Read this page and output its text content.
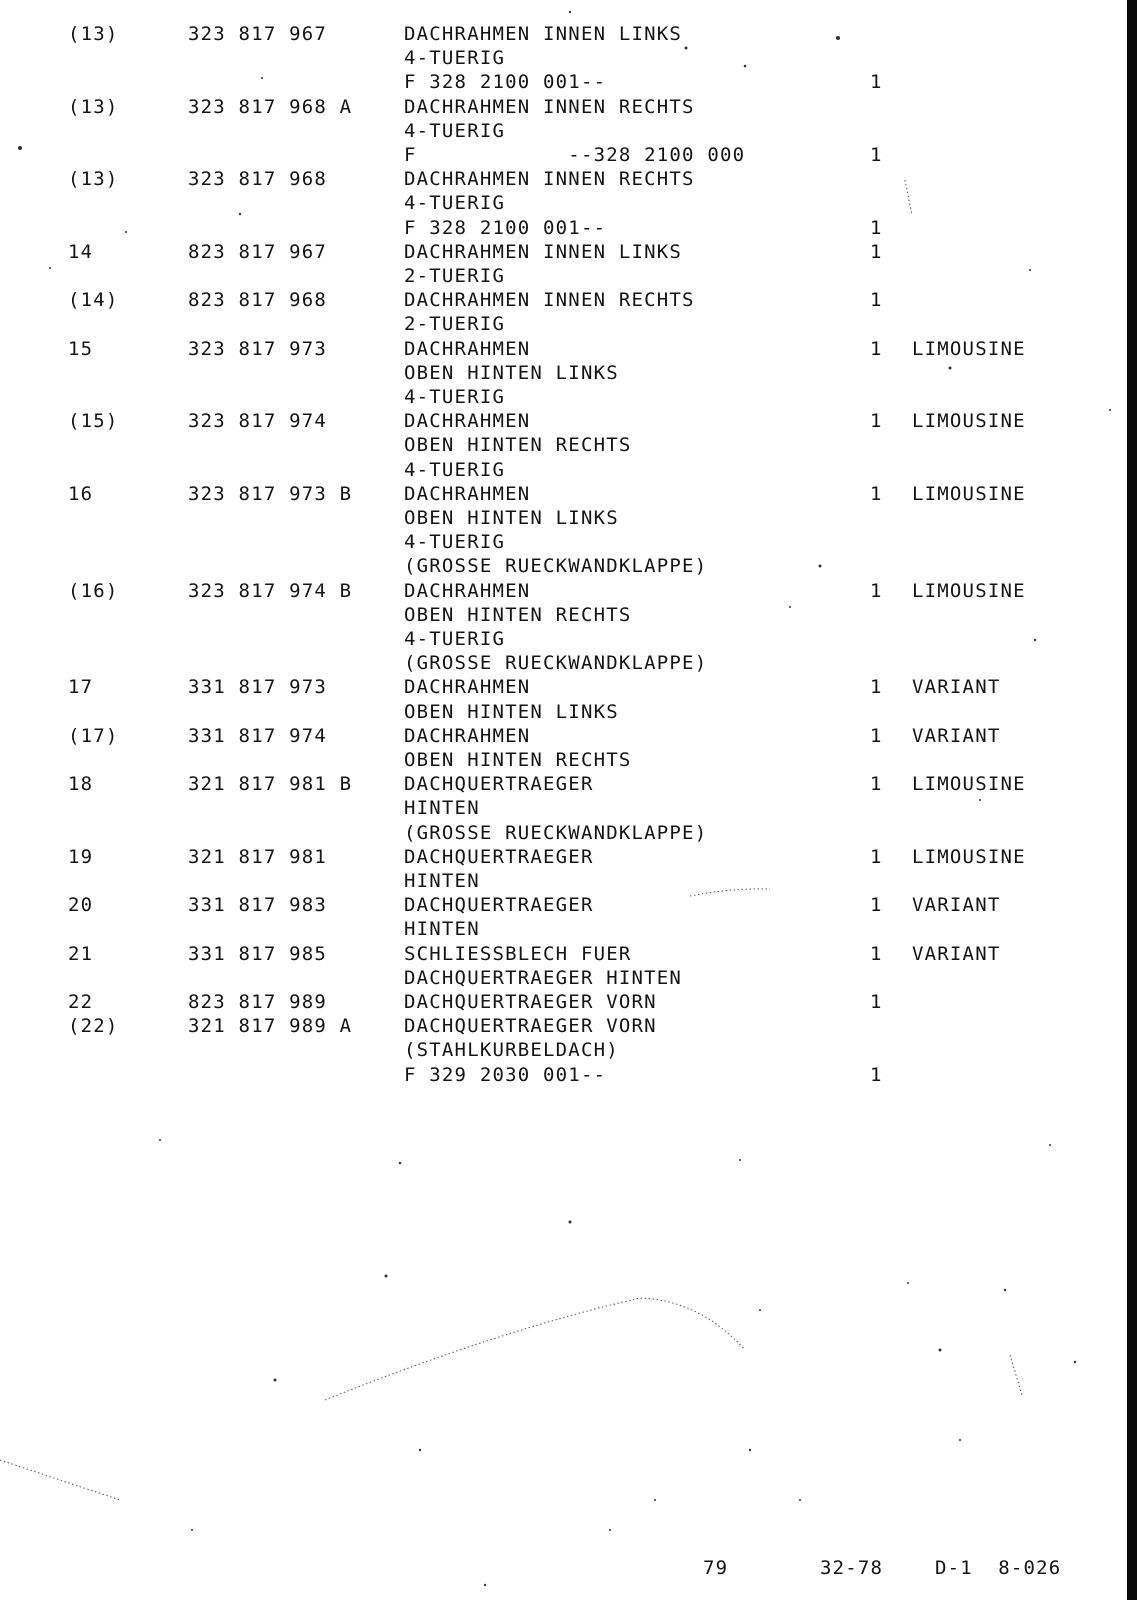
(13)	323 817 967	DACHRAHMEN INNEN LINKS
4-TUERIG
F 328 2100 001--	1
(13)	323 817 968 A	DACHRAHMEN INNEN RECHTS
4-TUERIG
F            --328 2100 000	1
(13)	323 817 968	DACHRAHMEN INNEN RECHTS
4-TUERIG
F 328 2100 001--	1
14	823 817 967	DACHRAHMEN INNEN LINKS	1
2-TUERIG
(14)	823 817 968	DACHRAHMEN INNEN RECHTS	1
2-TUERIG
15	323 817 973	DACHRAHMEN	1 LIMOUSINE
OBEN HINTEN LINKS
4-TUERIG
(15)	323 817 974	DACHRAHMEN	1 LIMOUSINE
OBEN HINTEN RECHTS
4-TUERIG
16	323 817 973 B	DACHRAHMEN	1 LIMOUSINE
OBEN HINTEN LINKS
4-TUERIG
(GROSSE RUECKWANDKLAPPE)
(16)	323 817 974 B	DACHRAHMEN	1 LIMOUSINE
OBEN HINTEN RECHTS
4-TUERIG
(GROSSE RUECKWANDKLAPPE)
17	331 817 973	DACHRAHMEN	1 VARIANT
OBEN HINTEN LINKS
(17)	331 817 974	DACHRAHMEN	1 VARIANT
OBEN HINTEN RECHTS
18	321 817 981 B	DACHQUERTRAEGER	1 LIMOUSINE
HINTEN
(GROSSE RUECKWANDKLAPPE)
19	321 817 981	DACHQUERTRAEGER	1 LIMOUSINE
HINTEN
20	331 817 983	DACHQUERTRAEGER	1 VARIANT
HINTEN
21	331 817 985	SCHLIESSBLECH FUER	1 VARIANT
DACHQUERTRAEGER HINTEN
22	823 817 989	DACHQUERTRAEGER VORN	1
(22)	321 817 989 A	DACHQUERTRAEGER VORN
(STAHLKURBELDACH)
F 329 2030 001--	1
79	32-78	D-1  8-026
